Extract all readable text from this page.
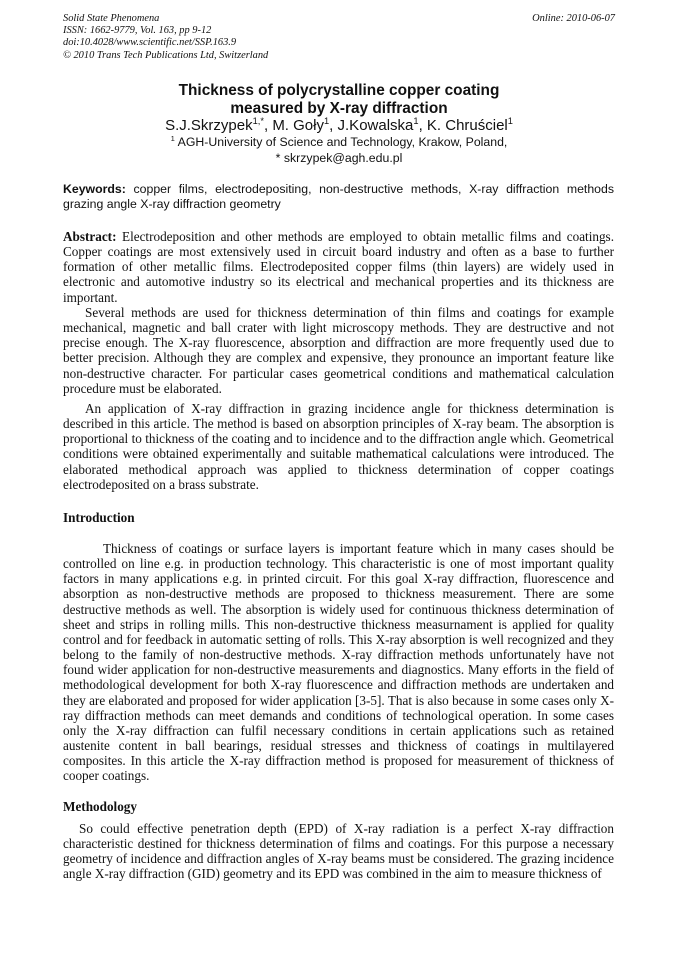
Solid State Phenomena
ISSN: 1662-9779, Vol. 163, pp 9-12
doi:10.4028/www.scientific.net/SSP.163.9
© 2010 Trans Tech Publications Ltd, Switzerland
Online: 2010-06-07
Thickness of polycrystalline copper coating
measured by X-ray diffraction
S.J.Skrzypek$^{1,*}$, M. Goły$^1$, J.Kowalska$^1$, K. Chruściel$^1$
$^1$ AGH-University of Science and Technology, Krakow, Poland,
* skrzypek@agh.edu.pl
Keywords: copper films, electrodepositing, non-destructive methods, X-ray diffraction methods grazing angle X-ray diffraction geometry
Abstract: Electrodeposition and other methods are employed to obtain metallic films and coatings. Copper coatings are most extensively used in circuit board industry and often as a base to further formation of other metallic films. Electrodeposited copper films (thin layers) are widely used in electronic and automotive industry so its electrical and mechanical properties and its thickness are important.
Several methods are used for thickness determination of thin films and coatings for example mechanical, magnetic and ball crater with light microscopy methods. They are destructive and not precise enough. The X-ray fluorescence, absorption and diffraction are more frequently used due to better precision. Although they are complex and expensive, they pronounce an important feature like non-destructive character. For particular cases geometrical conditions and mathematical calculation procedure must be elaborated.
An application of X-ray diffraction in grazing incidence angle for thickness determination is described in this article. The method is based on absorption principles of X-ray beam. The absorption is proportional to thickness of the coating and to incidence and to the diffraction angle which. Geometrical conditions were obtained experimentally and suitable mathematical calculations were introduced. The elaborated methodical approach was applied to thickness determination of copper coatings electrodeposited on a brass substrate.
Introduction
Thickness of coatings or surface layers is important feature which in many cases should be controlled on line e.g. in production technology. This characteristic is one of most important quality factors in many applications e.g. in printed circuit. For this goal X-ray diffraction, fluorescence and absorption as non-destructive methods are proposed to thickness measurement. There are some destructive methods as well. The absorption is widely used for continuous thickness determination of sheet and strips in rolling mills. This non-destructive thickness measurnament is applied for quality control and for feedback in automatic setting of rolls. This X-ray absorption is well recognized and they belong to the family of non-destructive methods. X-ray diffraction methods unfortunately have not found wider application for non-destructive measurements and diagnostics. Many efforts in the field of methodological development for both X-ray fluorescence and diffraction methods are undertaken and they are elaborated and proposed for wider application [3-5]. That is also because in some cases only X-ray diffraction methods can meet demands and conditions of technological operation. In some cases only the X-ray diffraction can fulfil necessary conditions in certain applications such as retained austenite content in ball bearings, residual stresses and thickness of coatings in multilayered composites. In this article the X-ray diffraction method is proposed for measurement of thickness of cooper coatings.
Methodology
So could effective penetration depth (EPD) of X-ray radiation is a perfect X-ray diffraction characteristic destined for thickness determination of films and coatings. For this purpose a necessary geometry of incidence and diffraction angles of X-ray beams must be considered. The grazing incidence angle X-ray diffraction (GID) geometry and its EPD was combined in the aim to measure thickness of
